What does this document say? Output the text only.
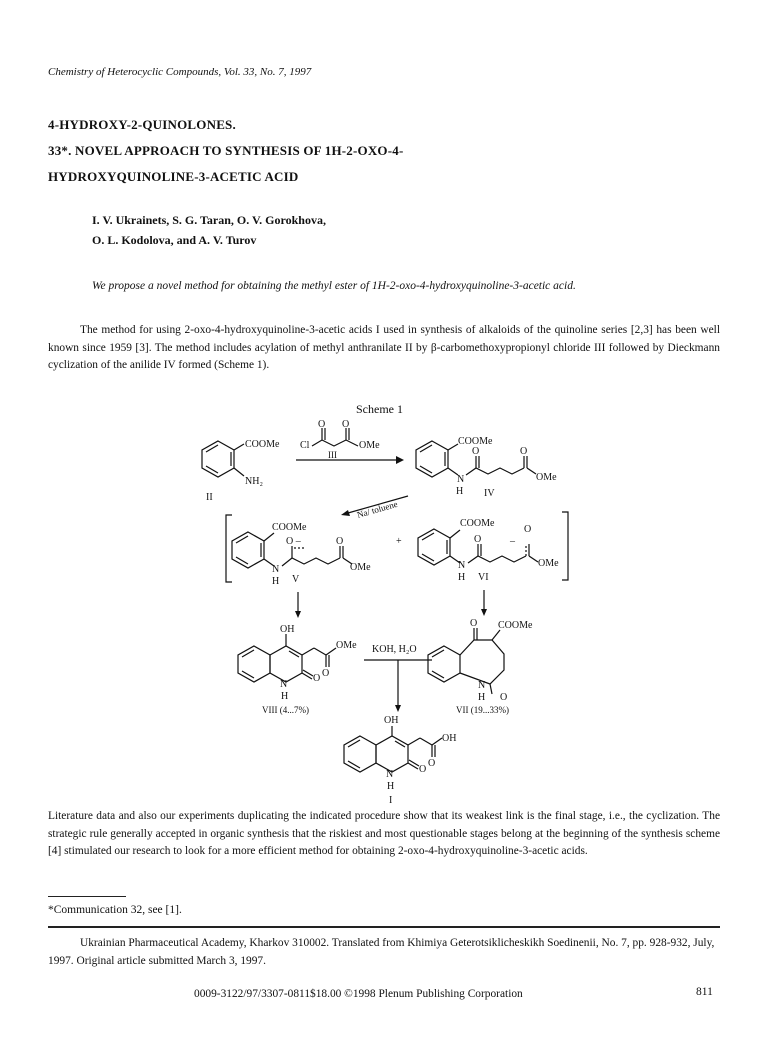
Chemistry of Heterocyclic Compounds, Vol. 33, No. 7, 1997
4-HYDROXY-2-QUINOLONES.
33*. NOVEL APPROACH TO SYNTHESIS OF 1H-2-OXO-4-
HYDROXYQUINOLINE-3-ACETIC ACID
I. V. Ukrainets, S. G. Taran, O. V. Gorokhova,
O. L. Kodolova, and A. V. Turov
We propose a novel method for obtaining the methyl ester of 1H-2-oxo-4-hydroxyquinoline-3-acetic acid.
The method for using 2-oxo-4-hydroxyquinoline-3-acetic acids I used in synthesis of alkaloids of the quinoline series [2,3] has been well known since 1959 [3]. The method includes acylation of methyl anthranilate II by β-carbomethoxypropionyl chloride III followed by Dieckmann cyclization of the anilide IV formed (Scheme 1).
Scheme 1
COOMe
NH₂
II
O O
Cl	OMe
III
COOMe
O	O
OMe
N
H IV
Na/ toluene
COOMe
O –	O
OMe
N
H V
+
COOMe
O
O
–
OMe
N
H VI
OH
OMe
O
O
N
H
VIII (4...7%)
KOH, H₂O
O COOMe
N
H O
VII (19...33%)
OH
OH
O
O
N
H
I
Literature data and also our experiments duplicating the indicated procedure show that its weakest link is the final stage, i.e., the cyclization. The strategic rule generally accepted in organic synthesis that the riskiest and most questionable stages belong at the beginning of the synthesis scheme [4] stimulated our research to look for a more efficient method for obtaining 2-oxo-4-hydroxyquinoline-3-acetic acids.
*Communication 32, see [1].
Ukrainian Pharmaceutical Academy, Kharkov 310002. Translated from Khimiya Geterotsiklicheskikh Soedinenii, No. 7, pp. 928-932, July, 1997. Original article submitted March 3, 1997.
0009-3122/97/3307-0811$18.00 ©1998 Plenum Publishing Corporation	811
